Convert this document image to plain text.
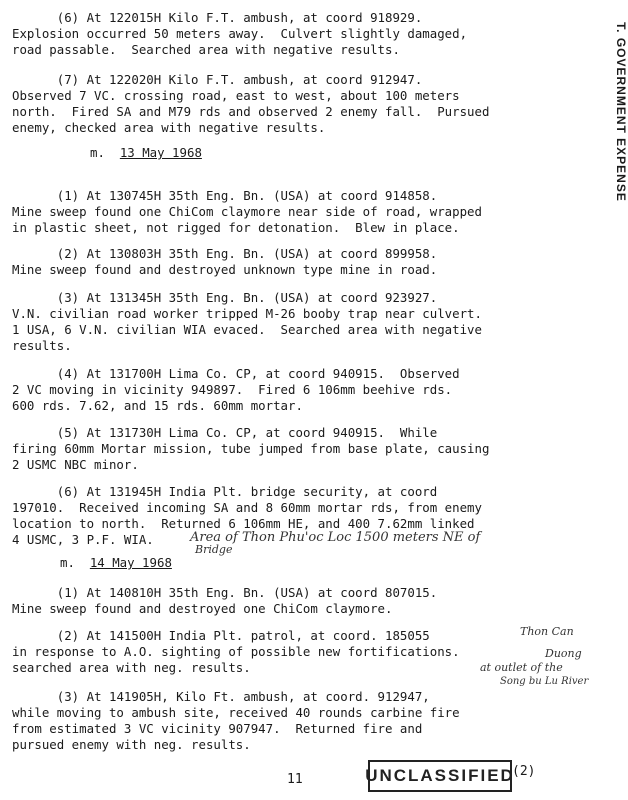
T. GOVERNMENT EXPENSE
(6) At 122015H Kilo F.T. ambush, at coord 918929.
Explosion occurred 50 meters away.  Culvert slightly damaged,
road passable.  Searched area with negative results.
(7) At 122020H Kilo F.T. ambush, at coord 912947.
Observed 7 VC. crossing road, east to west, about 100 meters
north.  Fired SA and M79 rds and observed 2 enemy fall.  Pursued
enemy, checked area with negative results.
m. 13 May 1968
(1) At 130745H 35th Eng. Bn. (USA) at coord 914858.
Mine sweep found one ChiCom claymore near side of road, wrapped
in plastic sheet, not rigged for detonation.  Blew in place.
(2) At 130803H 35th Eng. Bn. (USA) at coord 899958.
Mine sweep found and destroyed unknown type mine in road.
(3) At 131345H 35th Eng. Bn. (USA) at coord 923927.
V.N. civilian road worker tripped M-26 booby trap near culvert.
1 USA, 6 V.N. civilian WIA evaced.  Searched area with negative
results.
(4) At 131700H Lima Co. CP, at coord 940915.  Observed
2 VC moving in vicinity 949897.  Fired 6 106mm beehive rds.
600 rds. 7.62, and 15 rds. 60mm mortar.
(5) At 131730H Lima Co. CP, at coord 940915.  While
firing 60mm Mortar mission, tube jumped from base plate, causing
2 USMC NBC minor.
(6) At 131945H India Plt. bridge security, at coord
197010.  Received incoming SA and 8 60mm mortar rds, from enemy
location to north.  Returned 6 106mm HE, and 400 7.62mm linked
4 USMC, 3 P.F. WIA.	Area of Thon Phu'oc Loc 1500 meters NE of
Bridge
m. 14 May 1968
(1) At 140810H 35th Eng. Bn. (USA) at coord 807015.
Mine sweep found and destroyed one ChiCom claymore.
(2) At 141500H India Plt. patrol, at coord. 185055
in response to A.O. sighting of possible new fortifications.
searched area with neg. results.
Thon Can
Duong
at outlet of the
Song bu Lu River
(3) At 141905H, Kilo Ft. ambush, at coord. 912947,
while moving to ambush site, received 40 rounds carbine fire
from estimated 3 VC vicinity 907947.  Returned fire and
pursued enemy with neg. results.
11	UNCLASSIFIED
(2)
